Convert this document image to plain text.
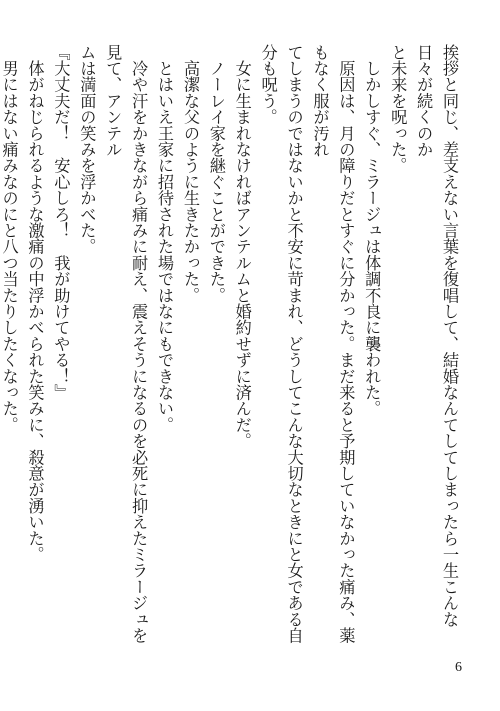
挨拶と同じ、差支えない言葉を復唱して、結婚なんてしてしまったら一生こんな日々が続くのか

と未来を呪った。

　しかしすぐ、ミラージュは体調不良に襲われた。

　原因は、月の障りだとすぐに分かった。まだ来ると予期していなかった痛み、薬もなく服が汚れ

てしまうのではないかと不安に苛まれ、どうしてこんな大切なときにと女である自分も呪う。

　女に生まれなければアンテルムと婚約せずに済んだ。

　ノーレイ家を継ぐことができた。

　高潔な父のように生きたかった。

　とはいえ王家に招待された場ではなにもできない。

　冷や汗をかきながら痛みに耐え、震えそうになるのを必死に抑えたミラージュを見て、アンテル

ムは満面の笑みを浮かべた。

『大丈夫だ！　安心しろ！　我が助けてやる！』

　体がねじられるような激痛の中浮かべられた笑みに、殺意が湧いた。

　男にはない痛みなのにと八つ当たりしたくなった。

6
